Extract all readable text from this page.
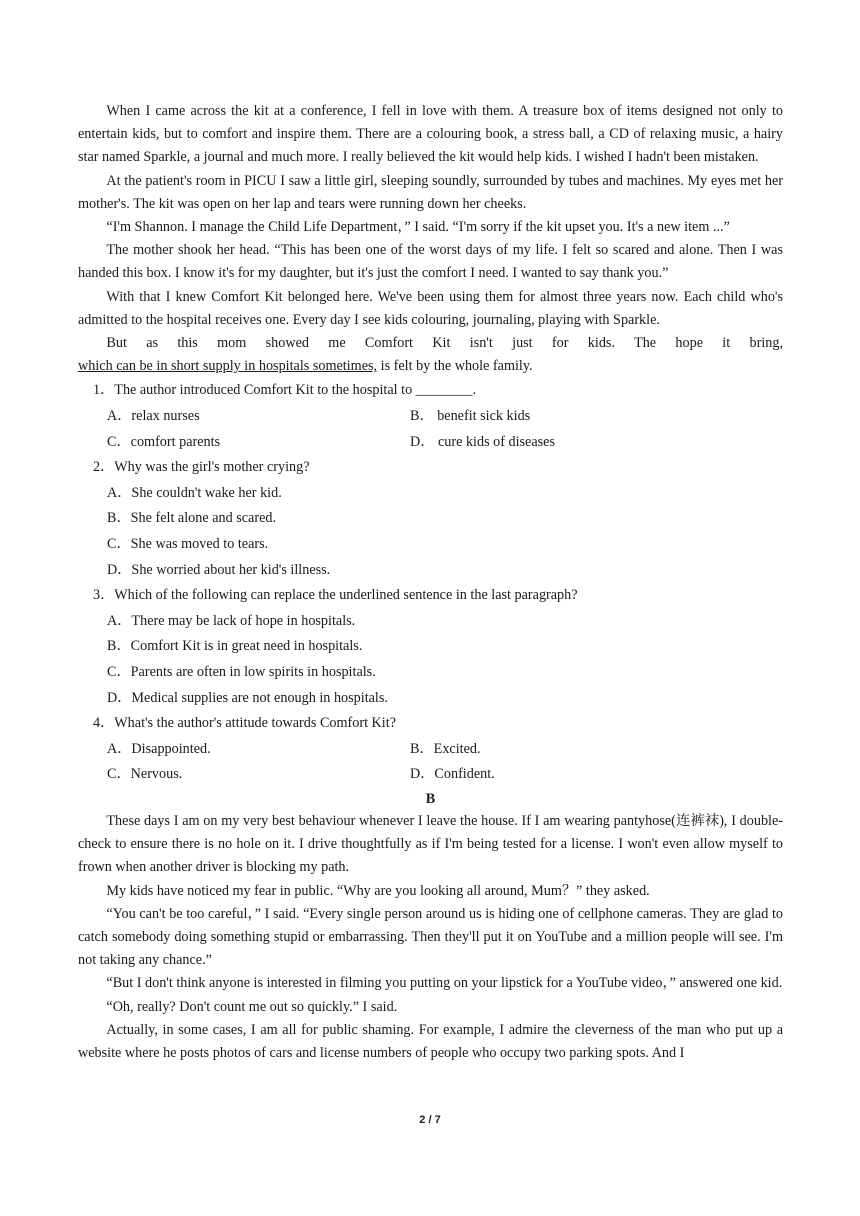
When I came across the kit at a conference, I fell in love with them. A treasure box of items designed not only to entertain kids, but to comfort and inspire them. There are a colouring book, a stress ball, a CD of relaxing music, a hairy star named Sparkle, a journal and much more. I really believed the kit would help kids. I wished I hadn't been mistaken.

At the patient's room in PICU I saw a little girl, sleeping soundly, surrounded by tubes and machines. My eyes met her mother's. The kit was open on her lap and tears were running down her cheeks.

“I'm Shannon. I manage the Child Life Department，” I said. “I'm sorry if the kit upset you. It's a new item ...”

The mother shook her head. “This has been one of the worst days of my life. I felt so scared and alone. Then I was handed this box. I know it's for my daughter, but it's just the comfort I need. I wanted to say thank you.”

With that I knew Comfort Kit belonged here. We've been using them for almost three years now. Each child who's admitted to the hospital receives one. Every day I see kids colouring, journaling, playing with Sparkle.

But as this mom showed me Comfort Kit isn't just for kids. The hope it bring,

which can be in short supply in hospitals sometimes, is felt by the whole family.

1．The author introduced Comfort Kit to the hospital to ________.

A．relax nurses	B． benefit sick kids
C．comfort parents	D． cure kids of diseases

2．Why was the girl's mother crying?

A．She couldn't wake her kid.

B．She felt alone and scared.

C．She was moved to tears.

D．She worried about her kid's illness.

3．Which of the following can replace the underlined sentence in the last paragraph?

A．There may be lack of hope in hospitals.

B．Comfort Kit is in great need in hospitals.

C．Parents are often in low spirits in hospitals.

D．Medical supplies are not enough in hospitals.

4．What's the author's attitude towards Comfort Kit?

A．Disappointed.	B．Excited.
C．Nervous.	D．Confident.

B

These days I am on my very best behaviour whenever I leave the house. If I am wearing pantyhose(连裤袜), I double-check to ensure there is no hole on it. I drive thoughtfully as if I'm being tested for a license. I won't even allow myself to frown when another driver is blocking my path.

My kids have noticed my fear in public. “Why are you looking all around, Mum？” they asked.

“You can't be too careful，” I said. “Every single person around us is hiding one of cellphone cameras. They are glad to catch somebody doing something stupid or embarrassing. Then they'll put it on YouTube and a million people will see. I'm not taking any chance.”

“But I don't think anyone is interested in filming you putting on your lipstick for a YouTube video，” answered one kid.

“Oh, really? Don't count me out so quickly.” I said.

Actually, in some cases, I am all for public shaming. For example, I admire the cleverness of the man who put up a website where he posts photos of cars and license numbers of people who occupy two parking spots. And I

2 / 7
